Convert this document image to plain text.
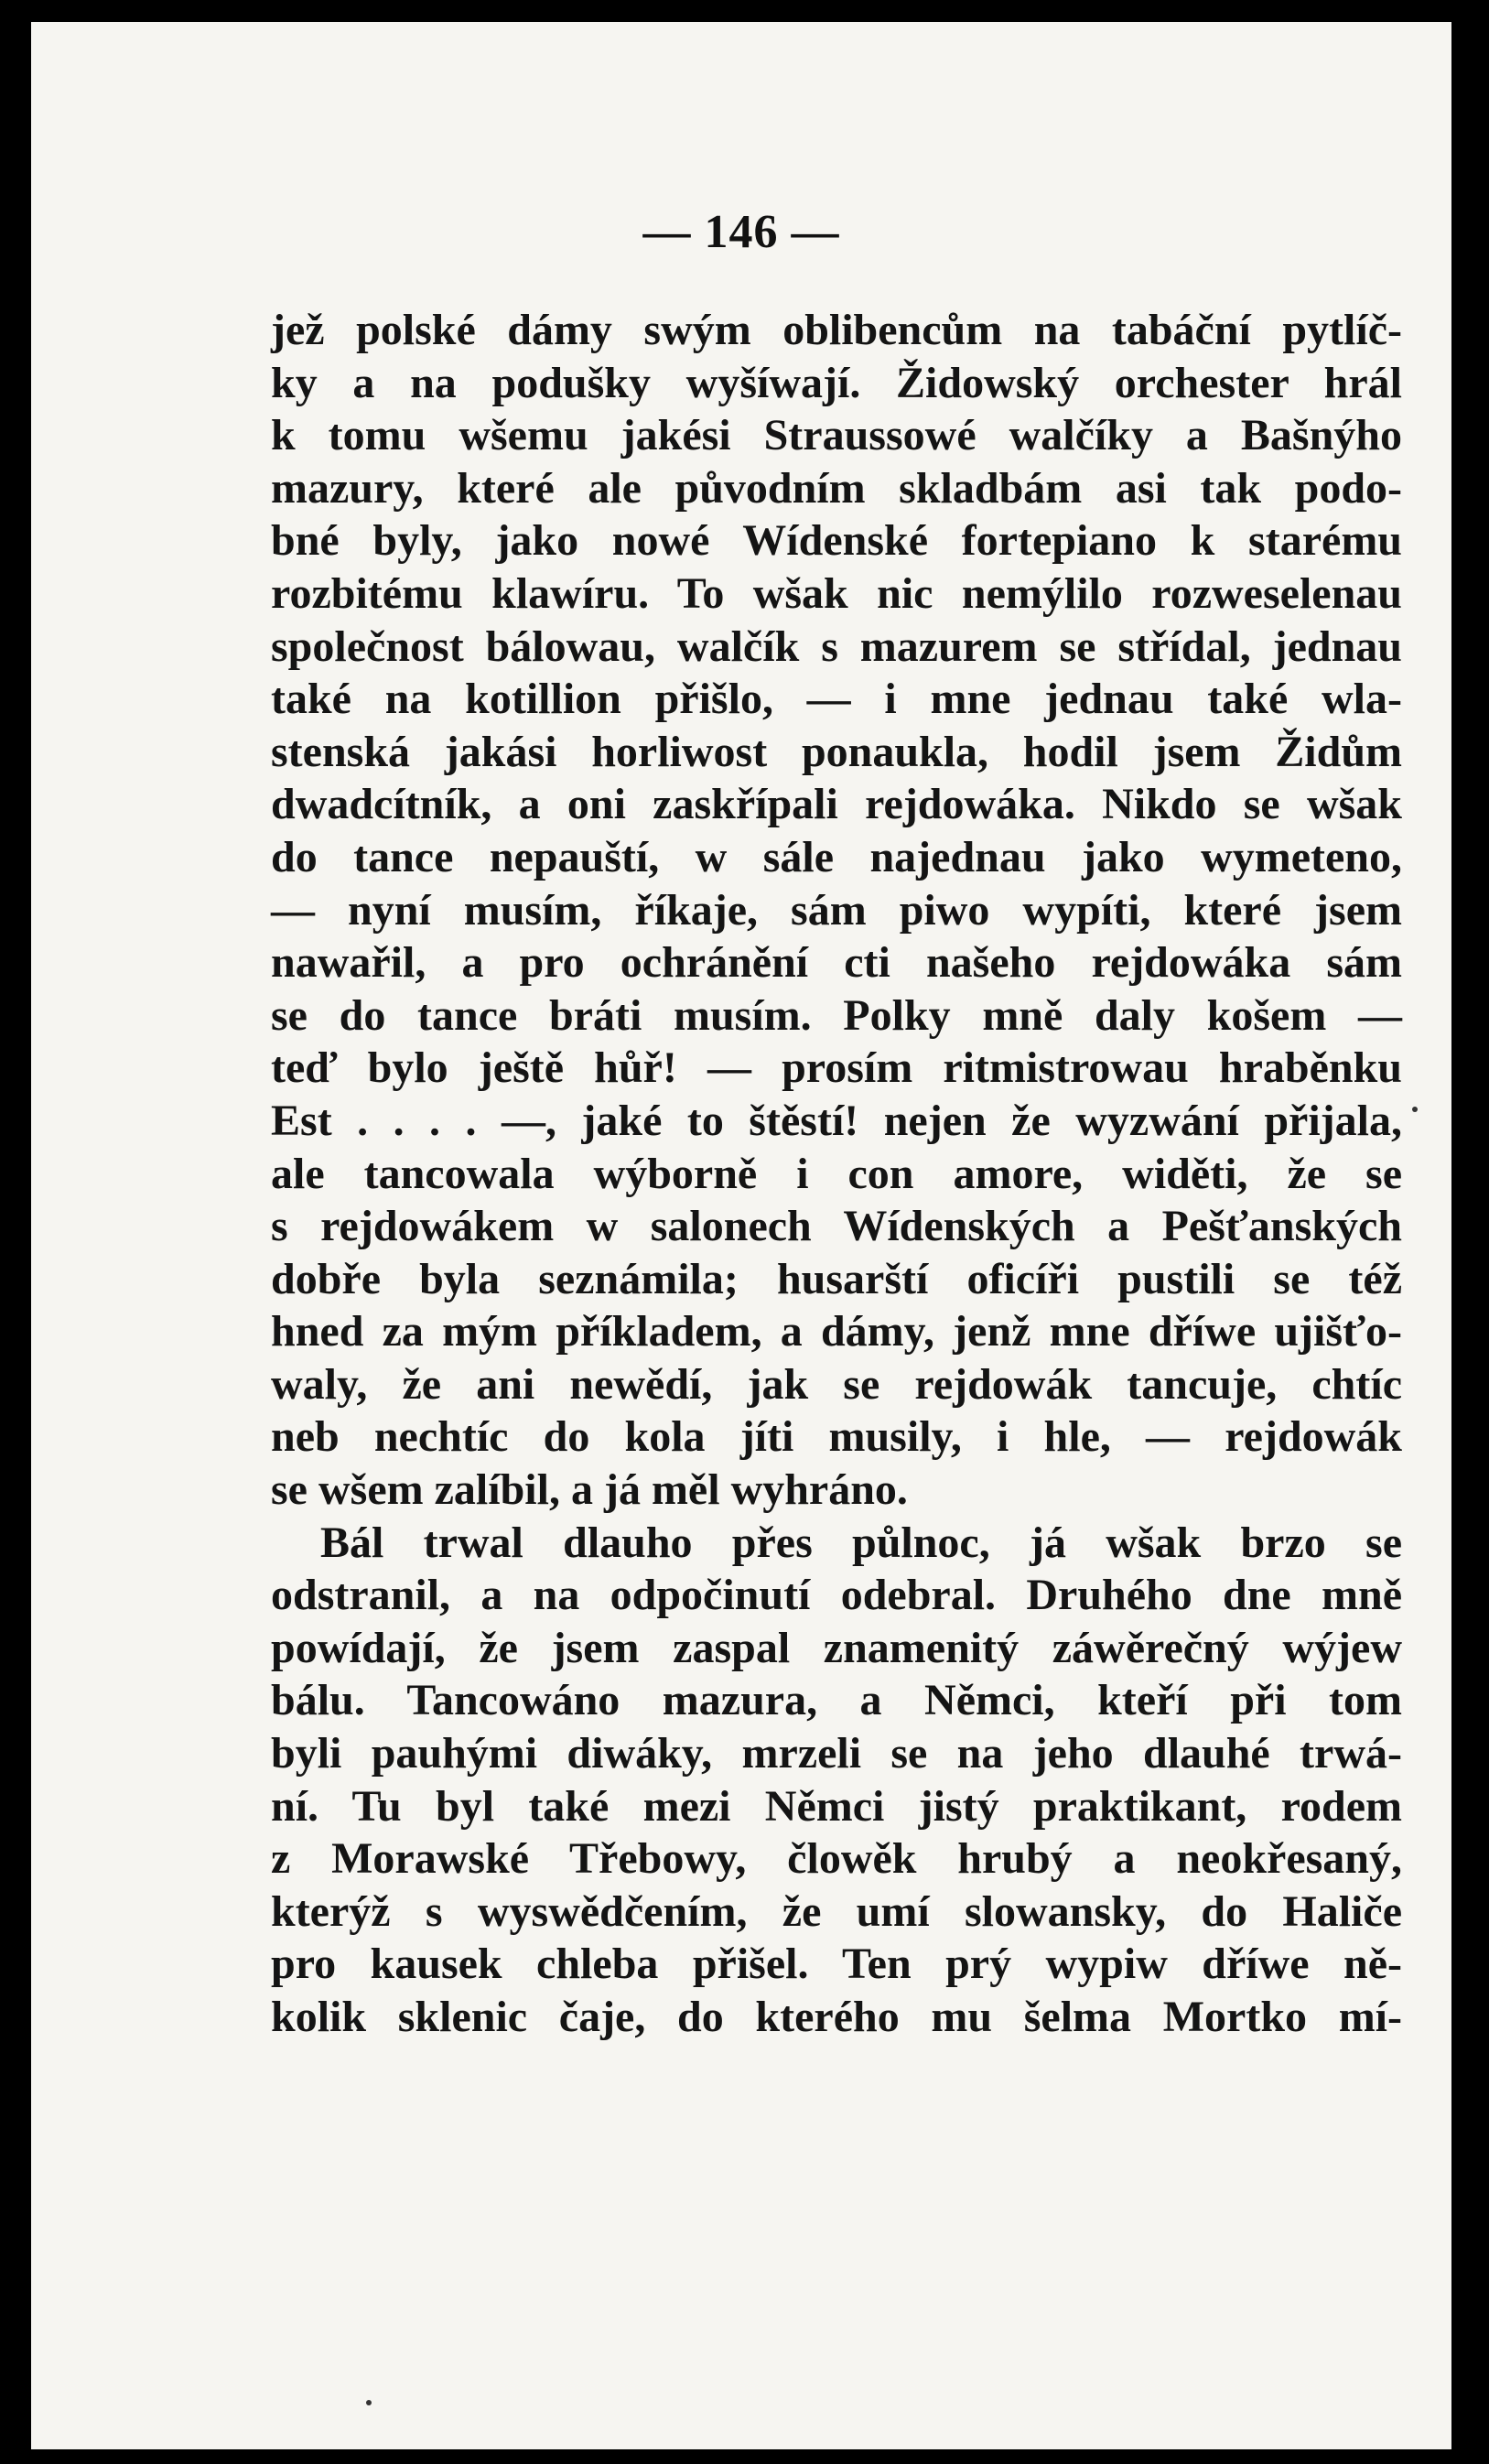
— 146 —
jež polské dámy swým oblibencům na tabáční pytlíč-
ky a na podušky wyšíwají. Židowský orchester hrál
k tomu wšemu jakési Straussowé walčíky a Bašnýho
mazury, které ale původním skladbám asi tak podo-
bné byly, jako nowé Wídenské fortepiano k starému
rozbitému klawíru. To wšak nic nemýlilo rozweselenau
společnost bálowau, walčík s mazurem se střídal, jednau
také na kotillion přišlo, — i mne jednau také wla-
stenská jakási horliwost ponaukla, hodil jsem Židům
dwadcítník, a oni zaskřípali rejdowáka. Nikdo se wšak
do tance nepauští, w sále najednau jako wymeteno,
— nyní musím, říkaje, sám piwo wypíti, které jsem
nawařil, a pro ochránění cti našeho rejdowáka sám
se do tance bráti musím. Polky mně daly košem —
teď bylo ještě hůř! — prosím ritmistrowau hraběnku
Est . . . . —, jaké to štěstí! nejen že wyzwání přijala,
ale tancowala wýborně i con amore, widěti, že se
s rejdowákem w salonech Wídenských a Pešťanských
dobře byla seznámila; husarští oficíři pustili se též
hned za mým příkladem, a dámy, jenž mne dříwe ujišťo-
waly, že ani newědí, jak se rejdowák tancuje, chtíc
neb nechtíc do kola jíti musily, i hle, — rejdowák
se wšem zalíbil, a já měl wyhráno.
Bál trwal dlauho přes půlnoc, já wšak brzo se
odstranil, a na odpočinutí odebral. Druhého dne mně
powídají, že jsem zaspal znamenitý záwěrečný wýjew
bálu. Tancowáno mazura, a Němci, kteří při tom
byli pauhými diwáky, mrzeli se na jeho dlauhé trwá-
ní. Tu byl také mezi Němci jistý praktikant, rodem
z Morawské Třebowy, člowěk hrubý a neokřesaný,
kterýž s wyswědčením, že umí slowansky, do Haliče
pro kausek chleba přišel. Ten prý wypiw dříwe ně-
kolik sklenic čaje, do kterého mu šelma Mortko mí-
